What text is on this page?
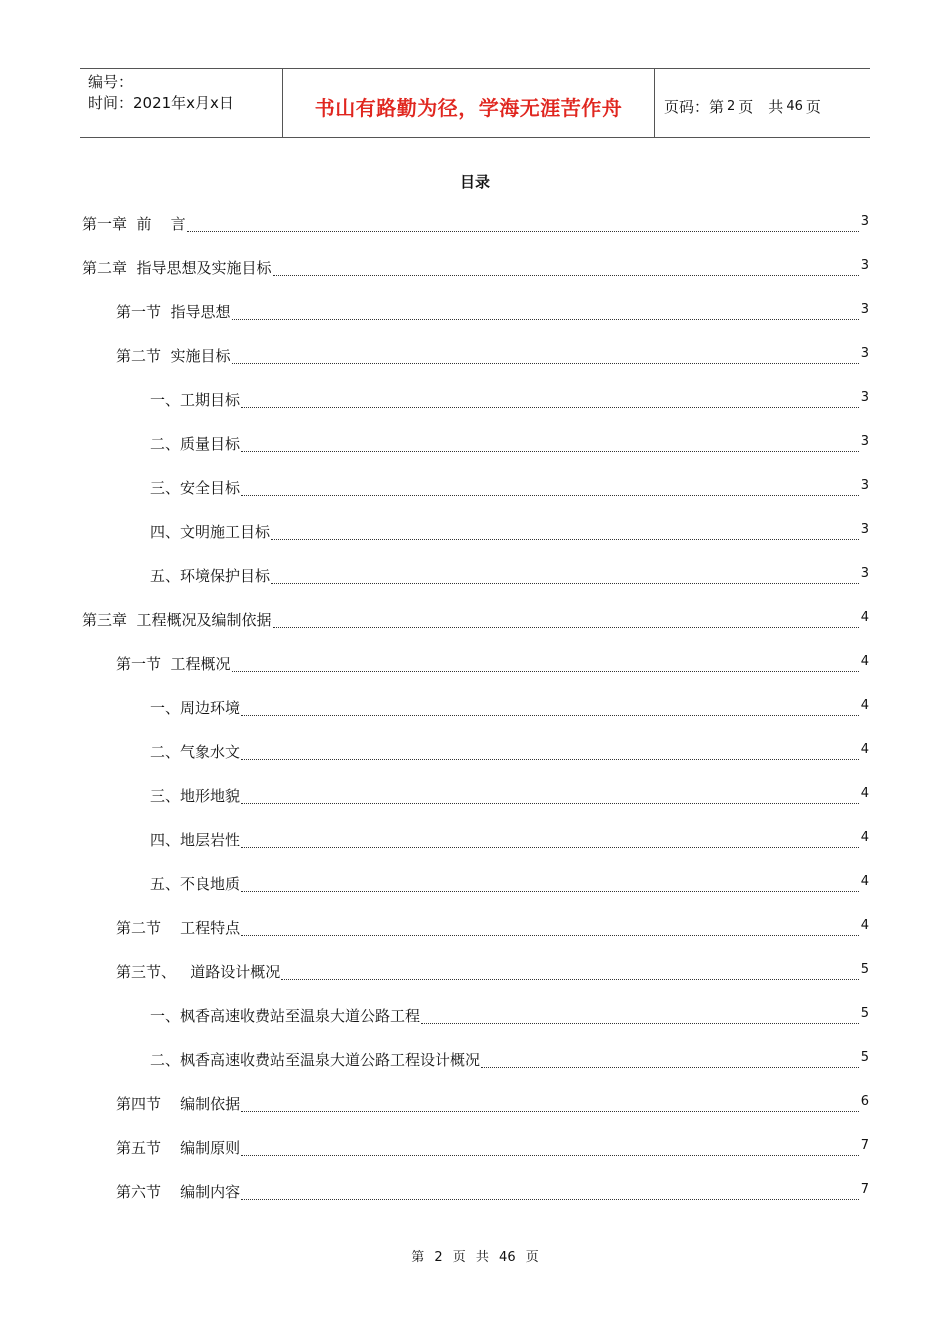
编号：
时间：2021年x月x日	书山有路勤为径，学海无涯苦作舟	页码：第 2 页　共 46 页
目录
第一章  前    言	3
第二章  指导思想及实施目标	3
第一节  指导思想	3
第二节  实施目标	3
一、工期目标	3
二、质量目标	3
三、安全目标	3
四、文明施工目标	3
五、环境保护目标	3
第三章  工程概况及编制依据	4
第一节  工程概况	4
一、周边环境	4
二、气象水文	4
三、地形地貌	4
四、地层岩性	4
五、不良地质	4
第二节    工程特点	4
第三节、   道路设计概况	5
一、枫香高速收费站至温泉大道公路工程	5
二、枫香高速收费站至温泉大道公路工程设计概况	5
第四节    编制依据	6
第五节    编制原则	7
第六节    编制内容	7
第 2 页 共 46 页
